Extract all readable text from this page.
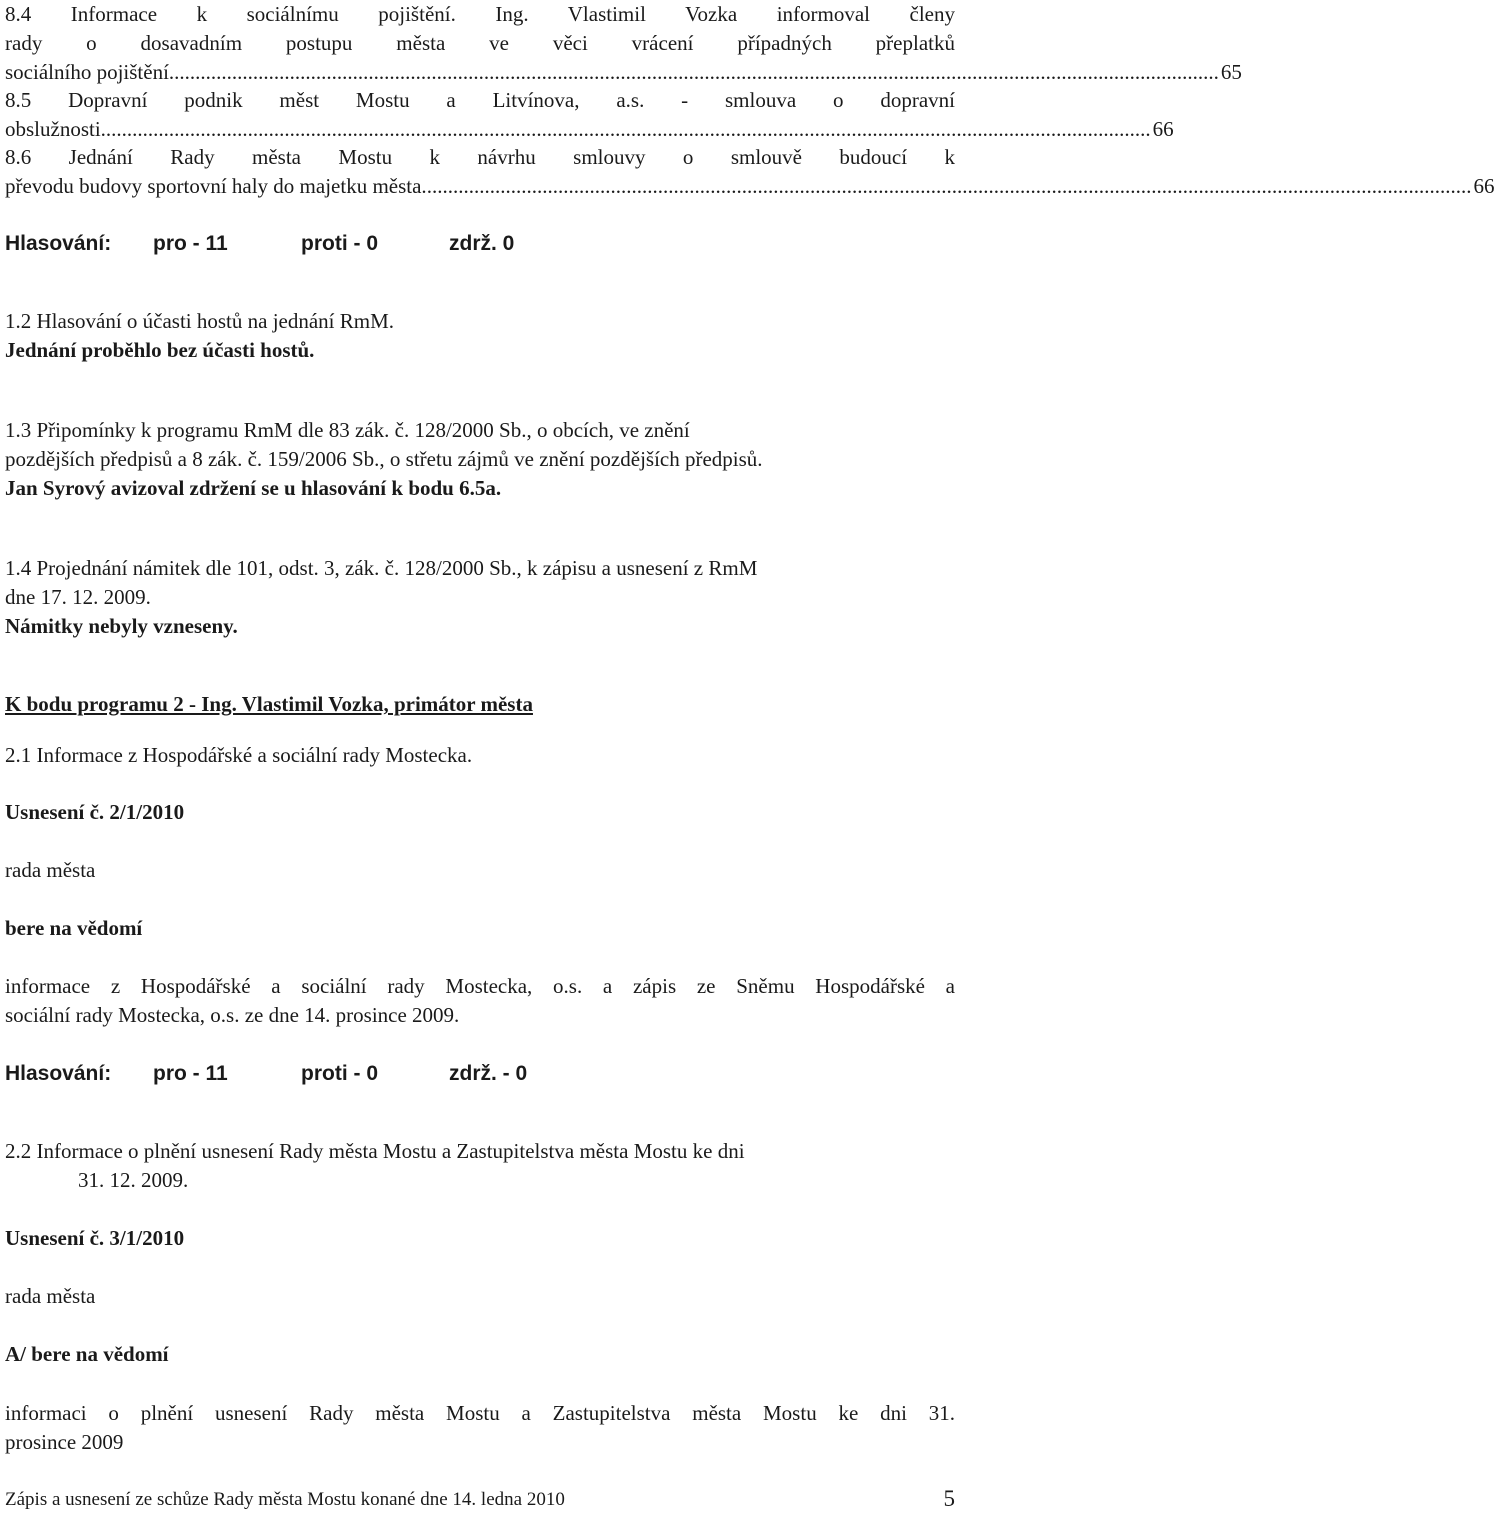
8.4 Informace k sociálnímu pojištění. Ing. Vlastimil Vozka informoval členy
rady o dosavadním postupu města ve věci vrácení případných přeplatků
sociálního pojištění. ....................................................................................................................................................................................................... 65
8.5 Dopravní podnik měst Mostu a Litvínova, a.s. - smlouva o dopravní
obslužnosti. ....................................................................................................................................................................................................... 66
8.6 Jednání Rady města Mostu k návrhu smlouvy o smlouvě budoucí k
převodu budovy sportovní haly do majetku města. ....................................................................................................................................................................................................... 66
Hlasování: pro - 11	proti - 0	zdrž. 0
1.2 Hlasování o účasti hostů na jednání RmM.
Jednání proběhlo bez účasti hostů.
1.3 Připomínky k programu RmM dle 83 zák. č. 128/2000 Sb., o obcích, ve znění
pozdějších předpisů a 8 zák. č. 159/2006 Sb., o střetu zájmů ve znění pozdějších předpisů.
Jan Syrový avizoval zdržení se u hlasování k bodu 6.5a.
1.4 Projednání námitek dle 101, odst. 3, zák. č. 128/2000 Sb., k zápisu a usnesení z RmM
dne 17. 12. 2009.
Námitky nebyly vzneseny.
K bodu programu 2 - Ing. Vlastimil Vozka, primátor města
2.1 Informace z Hospodářské a sociální rady Mostecka.
Usnesení č. 2/1/2010
rada města
bere na vědomí
informace z Hospodářské a sociální rady Mostecka, o.s. a zápis ze Sněmu Hospodářské a
sociální rady Mostecka, o.s. ze dne 14. prosince 2009.
Hlasování: pro - 11	proti - 0	zdrž. - 0
2.2 Informace o plnění usnesení Rady města Mostu a Zastupitelstva města Mostu ke dni
31. 12. 2009.
Usnesení č. 3/1/2010
rada města
A/ bere na vědomí
informaci o plnění usnesení Rady města Mostu a Zastupitelstva města Mostu ke dni 31.
prosince 2009
Zápis a usnesení ze schůze Rady města Mostu konané dne 14. ledna 2010	5
